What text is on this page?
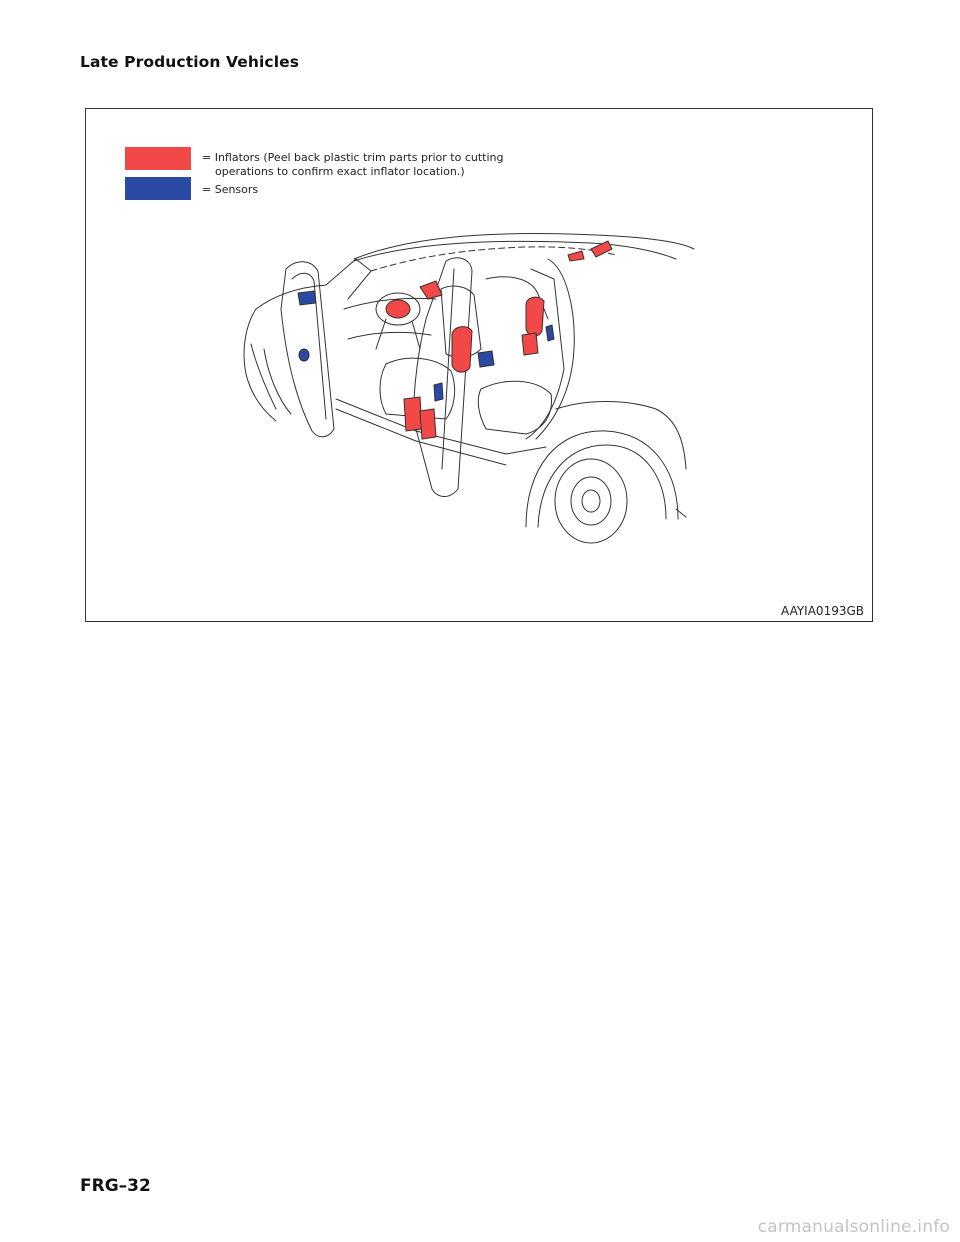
Late Production Vehicles
= Inflators (Peel back plastic trim parts prior to cutting
operations to confirm exact inflator location.)
= Sensors
AAYIA0193GB
FRG–32
carmanualsonline.info
